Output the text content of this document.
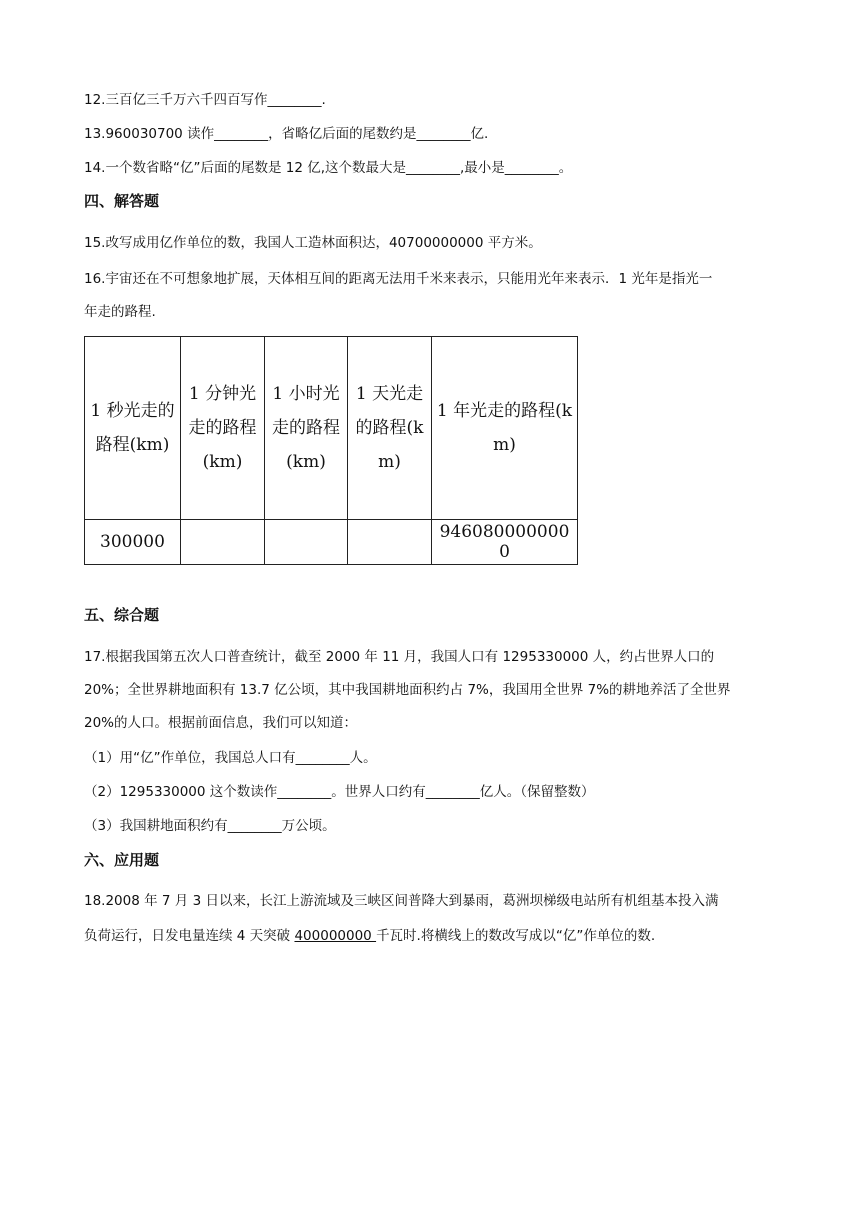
12.三百亿三千万六千四百写作________.
13.960030700 读作________，省略亿后面的尾数约是________亿.
14.一个数省略“亿”后面的尾数是 12 亿,这个数最大是________,最小是________。
四、解答题
15.改写成用亿作单位的数，我国人工造林面积达，40700000000 平方米。
16.宇宙还在不可想象地扩展，天体相互间的距离无法用千米来表示，只能用光年来表示．1 光年是指光一
年走的路程.
1 秒光走的路程(km)	1 分钟光走的路程(km)	1 小时光走的路程(km)	1 天光走的路程(km)	1 年光走的路程(km)
300000				9460800000000
五、综合题
17.根据我国第五次人口普查统计，截至 2000 年 11 月，我国人口有 1295330000 人，约占世界人口的
20%；全世界耕地面积有 13.7 亿公顷，其中我国耕地面积约占 7%，我国用全世界 7%的耕地养活了全世界
20%的人口。根据前面信息，我们可以知道：
（1）用“亿”作单位，我国总人口有________人。
（2）1295330000 这个数读作________。世界人口约有________亿人。（保留整数）
（3）我国耕地面积约有________万公顷。
六、应用题
18.2008 年 7 月 3 日以来，长江上游流域及三峡区间普降大到暴雨，葛洲坝梯级电站所有机组基本投入满
负荷运行，日发电量连续 4 天突破 400000000 千瓦时.将横线上的数改写成以“亿”作单位的数.
